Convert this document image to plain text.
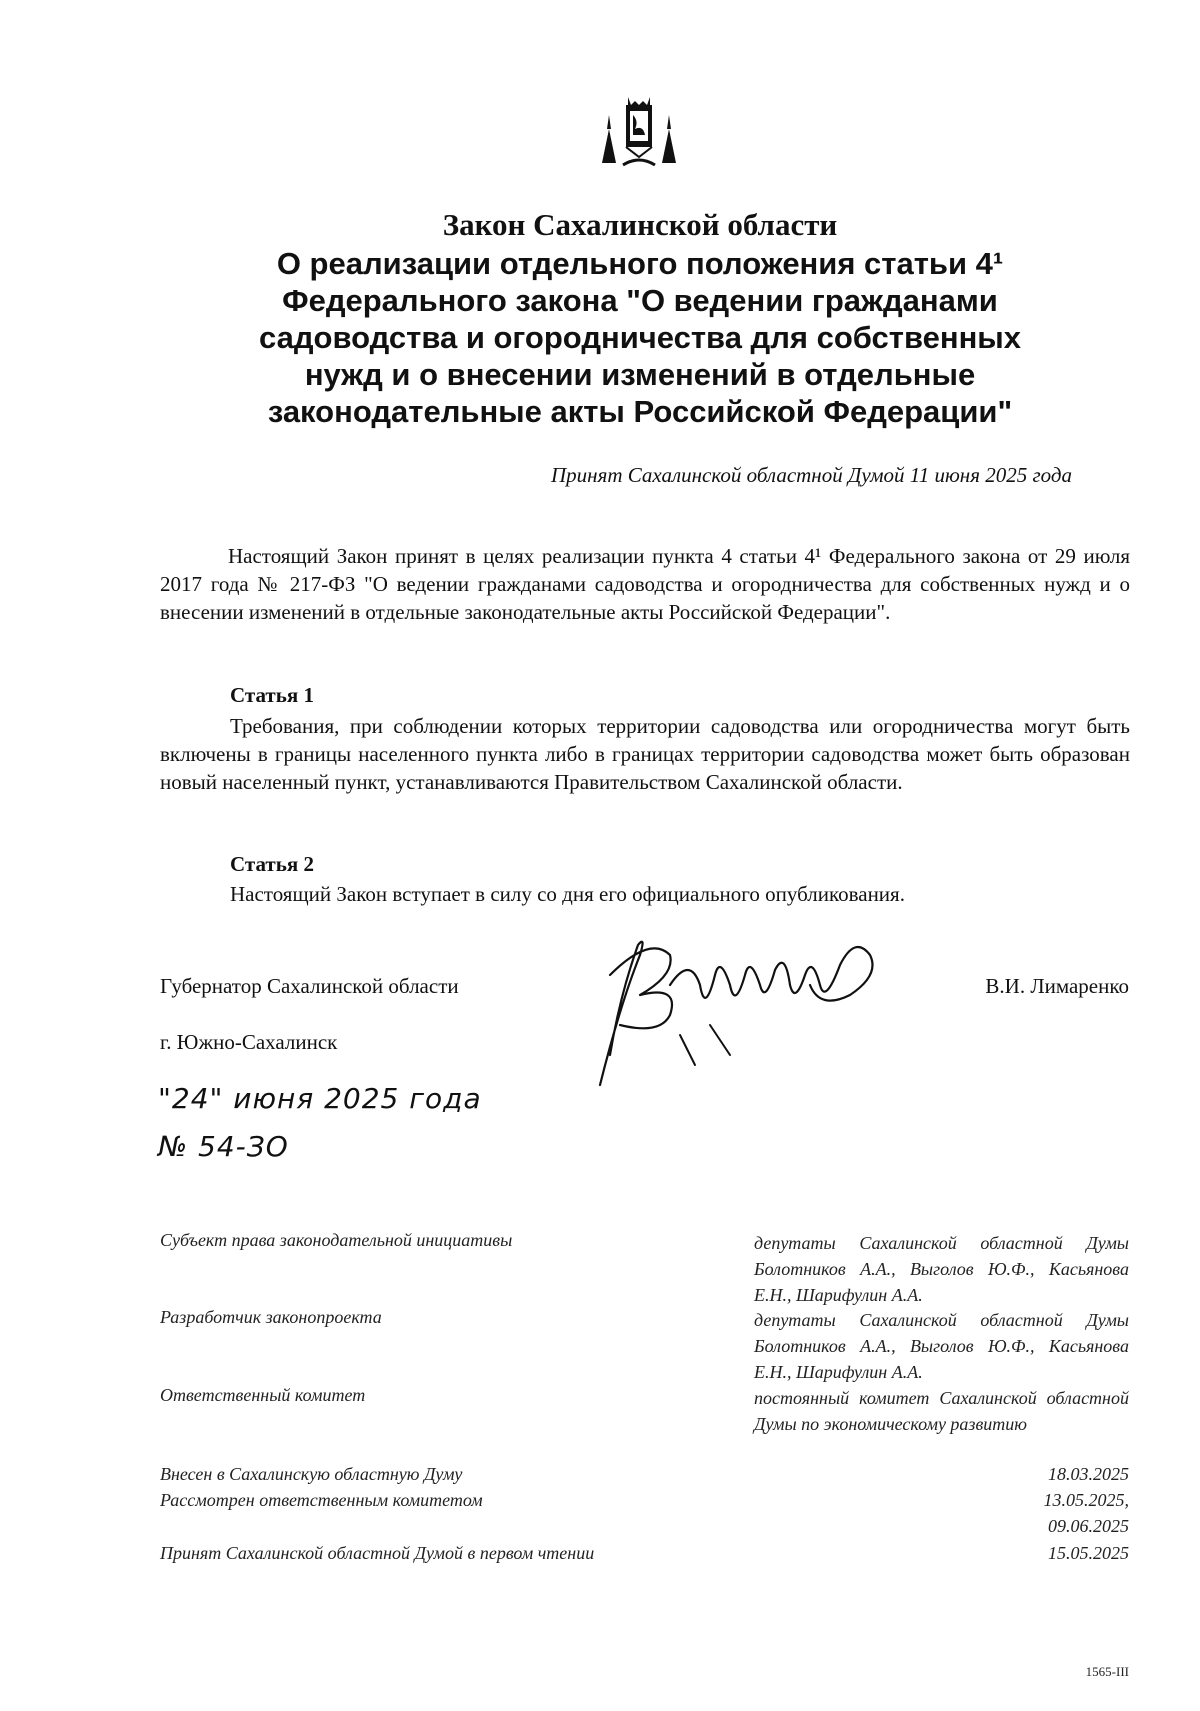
Закон Сахалинской области
О реализации отдельного положения статьи 4¹
Федерального закона "О ведении гражданами
садоводства и огородничества для собственных
нужд и о внесении изменений в отдельные
законодательные акты Российской Федерации"
Принят Сахалинской областной Думой 11 июня 2025 года
Настоящий Закон принят в целях реализации пункта 4 статьи 4¹ Федерального закона от 29 июля 2017 года № 217-ФЗ "О ведении гражданами садоводства и огородничества для собственных нужд и о внесении изменений в отдельные законодательные акты Российской Федерации".
Статья 1
Требования, при соблюдении которых территории садоводства или огородничества могут быть включены в границы населенного пункта либо в границах территории садоводства может быть образован новый населенный пункт, устанавливаются Правительством Сахалинской области.
Статья 2
Настоящий Закон вступает в силу со дня его официального опубликования.
Губернатор Сахалинской области	В.И. Лимаренко
г. Южно-Сахалинск
"24" июня 2025 года
№ 54-ЗО
Субъект права законодательной инициативы	депутаты Сахалинской областной Думы Болотников А.А., Выголов Ю.Ф., Касьянова Е.Н., Шарифулин А.А.
Разработчик законопроекта	депутаты Сахалинской областной Думы Болотников А.А., Выголов Ю.Ф., Касьянова Е.Н., Шарифулин А.А.
Ответственный комитет	постоянный комитет Сахалинской областной Думы по экономическому развитию
Внесен в Сахалинскую областную Думу	18.03.2025
Рассмотрен ответственным комитетом	13.05.2025,
09.06.2025
Принят Сахалинской областной Думой в первом чтении	15.05.2025
1565-III
